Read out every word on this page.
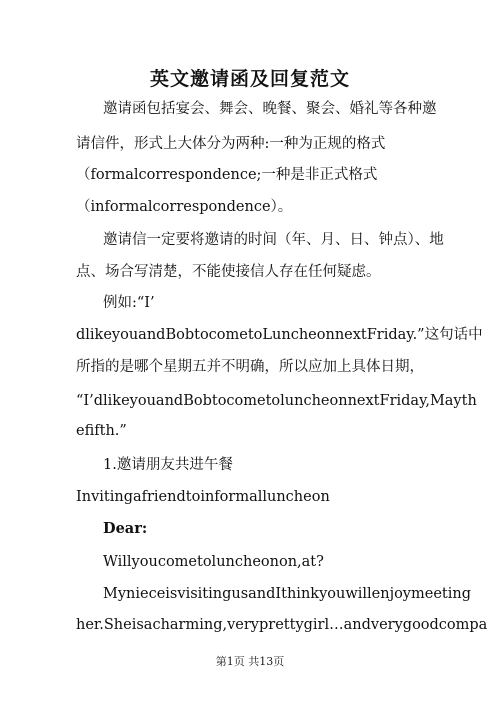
英文邀请函及回复范文
邀请函包括宴会、舞会、晚餐、聚会、婚礼等各种邀
请信件，形式上大体分为两种:一种为正规的格式
（formalcorrespondence;一种是非正式格式
（informalcorrespondence）。
邀请信一定要将邀请的时间（年、月、日、钟点）、地
点、场合写清楚，不能使接信人存在任何疑虑。
例如:“I’
dlikeyouandBobtocometoLuncheonnextFriday.”这句话中
所指的是哪个星期五并不明确，所以应加上具体日期，
“I’dlikeyouandBobtocometoluncheonnextFriday,Mayth
efifth.”
1.邀请朋友共进午餐
Invitingafriendtoinformalluncheon
Dear:
Willyoucometoluncheonon,at?
MynieceisvisitingusandIthinkyouwillenjoymeeting
her.Sheisacharming,veryprettygirl…andverygoodcompa
第1页 共13页
